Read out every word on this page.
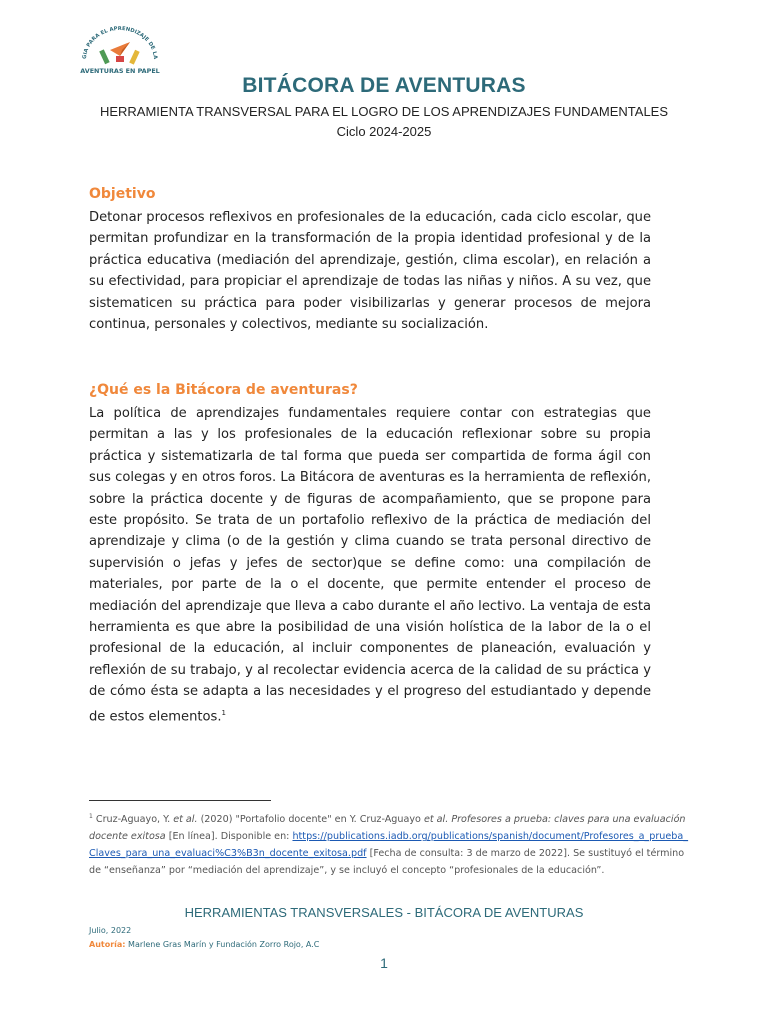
GIA PARA EL APRENDIZAJE DE LA
AVENTURAS EN PAPEL
BITÁCORA DE AVENTURAS
HERRAMIENTA TRANSVERSAL PARA EL LOGRO DE LOS APRENDIZAJES FUNDAMENTALES
Ciclo 2024-2025
Objetivo

Detonar procesos reflexivos en profesionales de la educación, cada ciclo escolar, que permitan profundizar en la transformación de la propia identidad profesional y de la práctica educativa (mediación del aprendizaje, gestión, clima escolar), en relación a su efectividad, para propiciar el aprendizaje de todas las niñas y niños. A su vez, que sistematicen su práctica para poder visibilizarlas y generar procesos de mejora continua, personales y colectivos, mediante su socialización.

¿Qué es la Bitácora de aventuras?

La política de aprendizajes fundamentales requiere contar con estrategias que permitan a las y los profesionales de la educación reflexionar sobre su propia práctica y sistematizarla de tal forma que pueda ser compartida de forma ágil con sus colegas y en otros foros. La Bitácora de aventuras es la herramienta de reflexión, sobre la práctica docente y de figuras de acompañamiento, que se propone para este propósito. Se trata de un portafolio reflexivo de la práctica de mediación del aprendizaje y clima (o de la gestión y clima cuando se trata personal directivo de supervisión o jefas y jefes de sector)que se define como: una compilación de materiales, por parte de la o el docente, que permite entender el proceso de mediación del aprendizaje que lleva a cabo durante el año lectivo. La ventaja de esta herramienta es que abre la posibilidad de una visión holística de la labor de la o el profesional de la educación, al incluir componentes de planeación, evaluación y reflexión de su trabajo, y al recolectar evidencia acerca de la calidad de su práctica y de cómo ésta se adapta a las necesidades y el progreso del estudiantado y depende de estos elementos.$^1$

$^1$ Cruz-Aguayo, Y. et al. (2020) "Portafolio docente" en Y. Cruz-Aguayo et al. Profesores a prueba: claves para una evaluación docente exitosa [En línea]. Disponible en: https://publications.iadb.org/publications/spanish/document/Profesores_a_prueba_Claves_para_una_evaluaci%C3%B3n_docente_exitosa.pdf [Fecha de consulta: 3 de marzo de 2022]. Se sustituyó el término de “enseñanza” por “mediación del aprendizaje”, y se incluyó el concepto “profesionales de la educación”.
HERRAMIENTAS TRANSVERSALES - BITÁCORA DE AVENTURAS
Julio, 2022
Autoría: Marlene Gras Marín y Fundación Zorro Rojo, A.C
1
